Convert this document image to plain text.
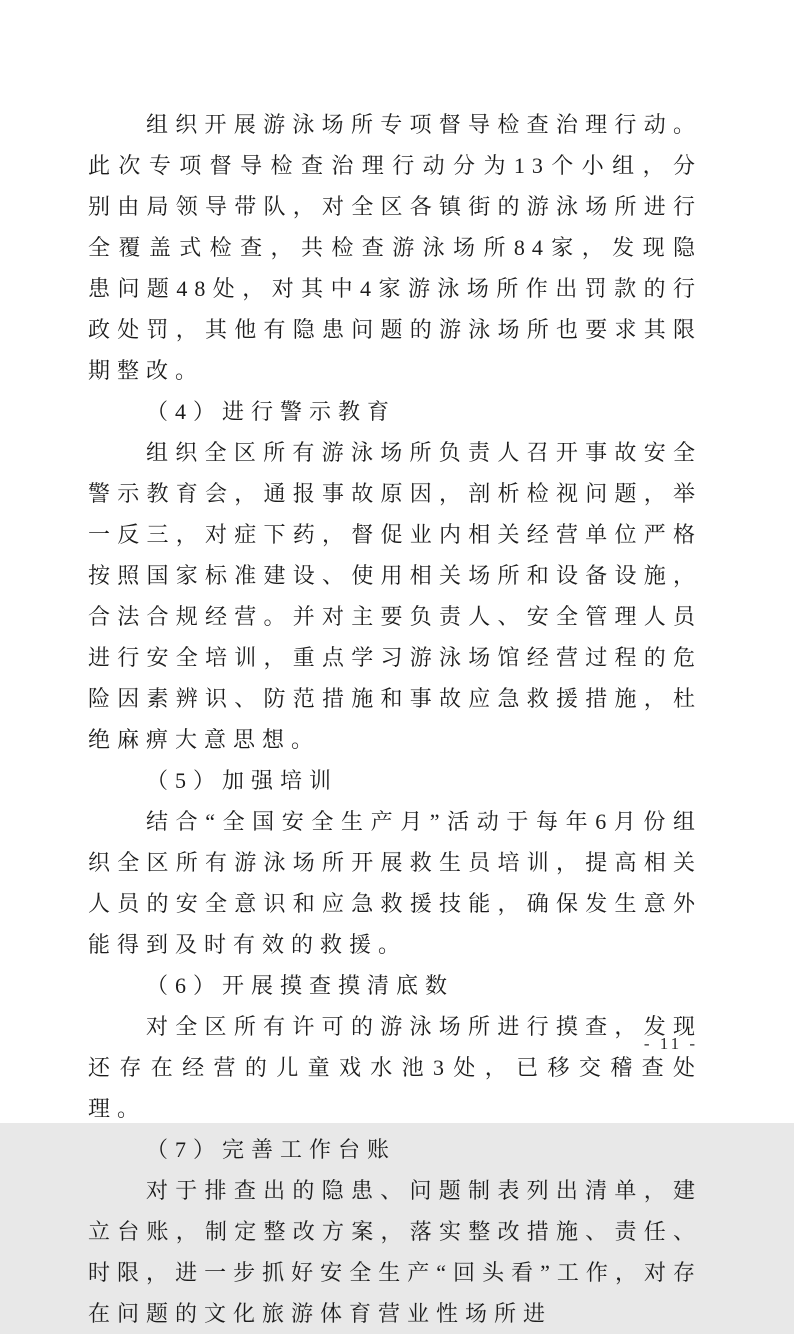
组织开展游泳场所专项督导检查治理行动。此次专项督导检查治理行动分为13个小组，分别由局领导带队，对全区各镇街的游泳场所进行全覆盖式检查，共检查游泳场所84家，发现隐患问题48处，对其中4家游泳场所作出罚款的行政处罚，其他有隐患问题的游泳场所也要求其限期整改。

（4）进行警示教育

组织全区所有游泳场所负责人召开事故安全警示教育会，通报事故原因，剖析检视问题，举一反三，对症下药，督促业内相关经营单位严格按照国家标准建设、使用相关场所和设备设施，合法合规经营。并对主要负责人、安全管理人员进行安全培训，重点学习游泳场馆经营过程的危险因素辨识、防范措施和事故应急救援措施，杜绝麻痹大意思想。

（5）加强培训

结合“全国安全生产月”活动于每年6月份组织全区所有游泳场所开展救生员培训，提高相关人员的安全意识和应急救援技能，确保发生意外能得到及时有效的救援。

（6）开展摸查摸清底数

对全区所有许可的游泳场所进行摸查，发现还存在经营的儿童戏水池3处，已移交稽查处理。

（7）完善工作台账

对于排查出的隐患、问题制表列出清单，建立台账，制定整改方案，落实整改措施、责任、时限，进一步抓好安全生产“回头看”工作，对存在问题的文化旅游体育营业性场所进

- 11 -
